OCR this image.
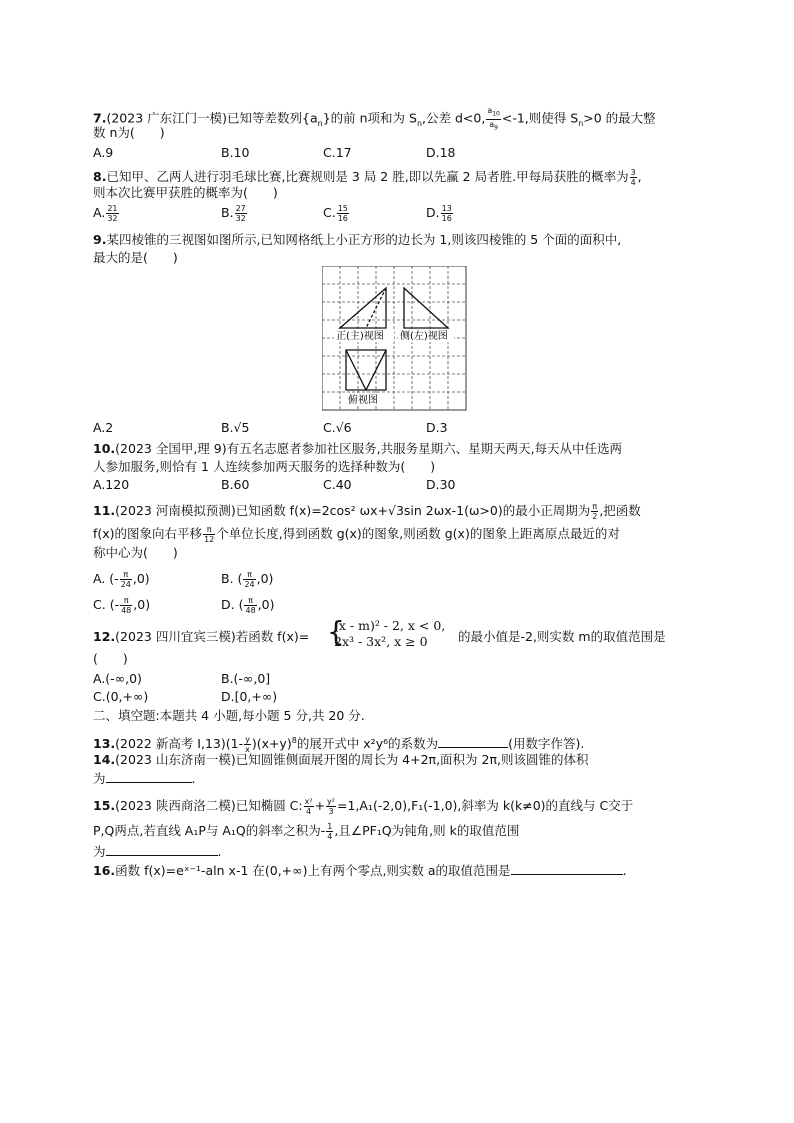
7.(2023 广东江门一模)已知等差数列$\{a_n\}$的前 n项和为 $S_n$,公差 d<0, $\frac{a_{10}}{a_9} <-1$,则使得 $S_n>0$ 的最大整
数 n为(　　)
A.9	B.10	C.17	D.18
8.已知甲、乙两人进行羽毛球比赛,比赛规则是 3 局 2 胜,即以先赢 2 局者胜.甲每局获胜的概率为 $\frac{3}{4}$ ,
则本次比赛甲获胜的概率为(　　)
A. $\frac{21}{32}$	B. $\frac{27}{32}$	C. $\frac{15}{16}$	D. $\frac{13}{16}$
9.某四棱锥的三视图如图所示,已知网格纸上小正方形的边长为 1,则该四棱锥的 5 个面的面积中,
最大的是(　　)
正(主)视图 侧(左)视图
俯视图
A.2	B.√5	C.√6	D.3
10.(2023 全国甲,理 9)有五名志愿者参加社区服务,共服务星期六、星期天两天,每天从中任选两
人参加服务,则恰有 1 人连续参加两天服务的选择种数为(　　)
A.120	B.60	C.40	D.30
11.(2023 河南模拟预测)已知函数 f(x)=2cos² ωx+√3sin 2ωx-1(ω>0)的最小正周期为 $\frac{\pi}{2}$ ,把函数
f(x)的图象向右平移 $\frac{\pi}{12}$ 个单位长度,得到函数 g(x)的图象,则函数 g(x)的图象上距离原点最近的对
称中心为(　　)
A. (- $\frac{\pi}{24} ,0$)	B. ( $\frac{\pi}{24} ,0$)
C. (- $\frac{\pi}{48} ,0$)	D. ( $\frac{\pi}{48} ,0$)
12.(2023 四川宜宾三模)若函数 f(x)= {
(x - m)² - 2, x < 0,
2x³ - 3x², x ≥ 0 的最小值是-2,则实数 m的取值范围是
(　　)
A.(-∞,0)	B.(-∞,0]
C.(0,+∞)	D.[0,+∞)
二、填空题:本题共 4 小题,每小题 5 分,共 20 分.
13.(2022 新高考 Ⅰ,13)(1- $\frac{y}{x} )(x+y)^8$的展开式中 x²y⁶的系数为	(用数字作答).
14.(2023 山东济南一模)已知圆锥侧面展开图的周长为 4+2π,面积为 2π,则该圆锥的体积
为	.
15.(2023 陕西商洛二模)已知椭圆 C: $\frac{\text{x²}}{4} + \frac{\text{y²}}{3} =1,A_1(-2,0),F_1(-1,0)$,斜率为 k(k≠0)的直线与 C交于
P,Q两点,若直线 A₁P与 A₁Q的斜率之积为- $\frac{1}{4}$ ,且∠PF₁Q为钝角,则 k的取值范围
为	.
16.函数 f(x)=eˣ⁻¹-aln x-1 在(0,+∞)上有两个零点,则实数 a的取值范围是	.
